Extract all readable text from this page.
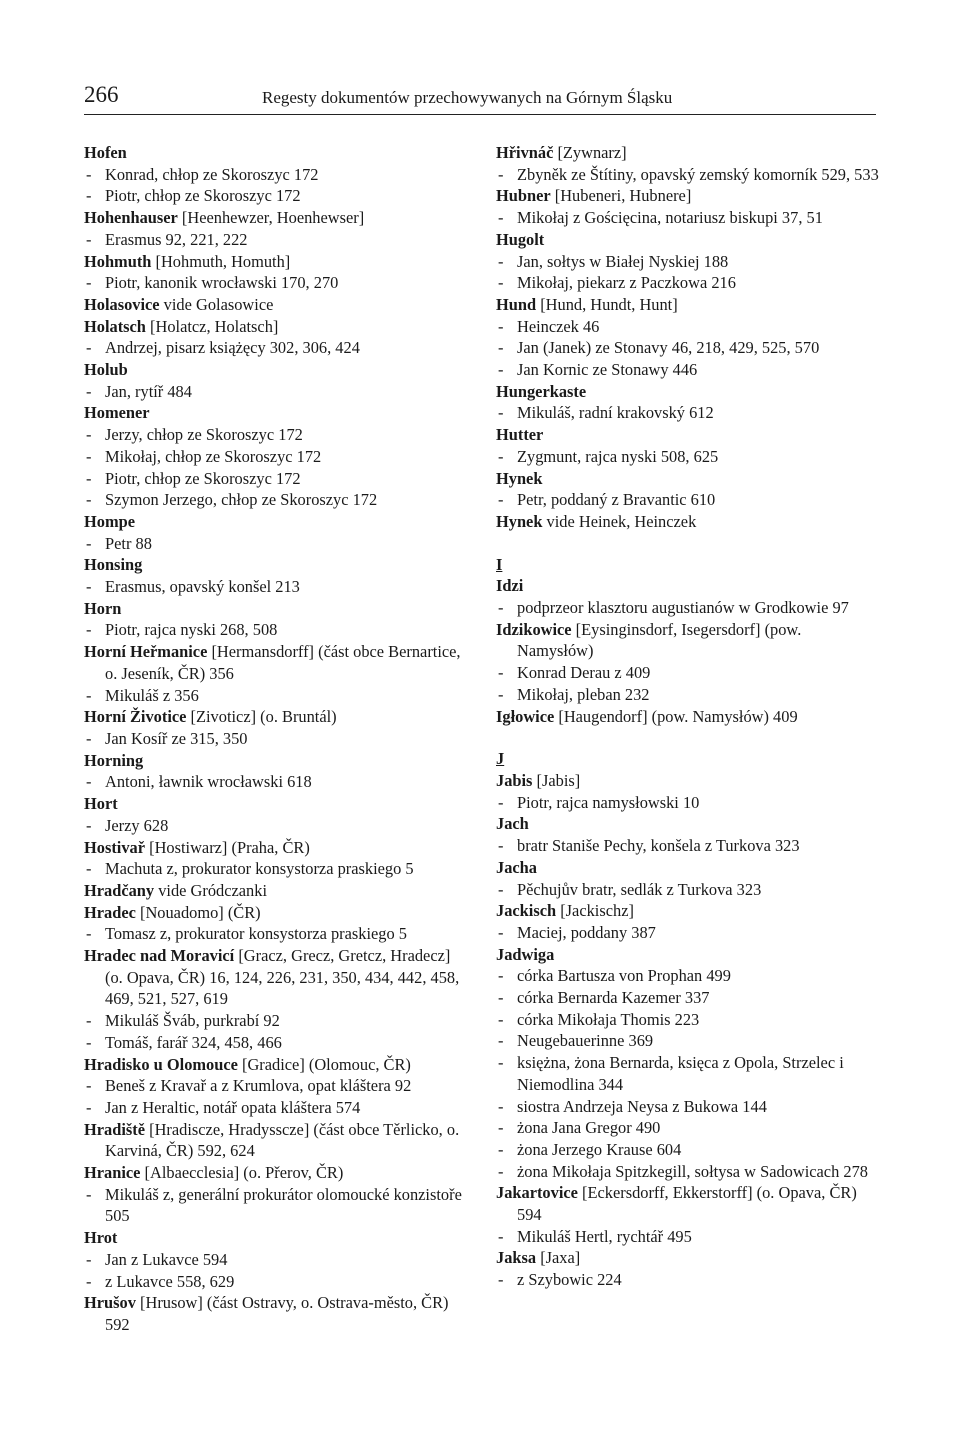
266	Regesty dokumentów przechowywanych na Górnym Śląsku

Hofen

- Konrad, chłop ze Skoroszyc 172

- Piotr, chłop ze Skoroszyc 172

Hohenhauser [Heenhewzer, Hoenhewser]

- Erasmus 92, 221, 222

Hohmuth [Hohmuth, Homuth]

- Piotr, kanonik wrocławski 170, 270

Holasovice vide Golasowice

Holatsch [Holatcz, Holatsch]

- Andrzej, pisarz książęcy 302, 306, 424

Holub

- Jan, rytíř 484

Homener

- Jerzy, chłop ze Skoroszyc 172

- Mikołaj, chłop ze Skoroszyc 172

- Piotr, chłop ze Skoroszyc 172

- Szymon Jerzego, chłop ze Skoroszyc 172

Hompe

- Petr 88

Honsing

- Erasmus, opavský konšel 213

Horn

- Piotr, rajca nyski 268, 508

Horní Heřmanice [Hermansdorff] (část obce Bernartice, o. Jeseník, ČR) 356

- Mikuláš z 356

Horní Životice [Zivoticz] (o. Bruntál)

- Jan Kosíř ze 315, 350

Horning

- Antoni, ławnik wrocławski 618

Hort

- Jerzy 628

Hostivař [Hostiwarz] (Praha, ČR)

- Machuta z, prokurator konsystorza praskiego 5

Hradčany vide Gródczanki

Hradec [Nouadomo] (ČR)

- Tomasz z, prokurator konsystorza praskiego 5

Hradec nad Moravicí [Gracz, Grecz, Gretcz, Hradecz] (o. Opava, ČR) 16, 124, 226, 231, 350, 434, 442, 458, 469, 521, 527, 619

- Mikuláš Šváb, purkrabí 92

- Tomáš, farář 324, 458, 466

Hradisko u Olomouce [Gradice] (Olomouc, ČR)

- Beneš z Kravař a z Krumlova, opat kláštera 92

- Jan z Heraltic, notář opata kláštera 574

Hradiště [Hradiscze, Hradysscze] (část obce Těrlicko, o. Karviná, ČR) 592, 624

Hranice [Albaecclesia] (o. Přerov, ČR)

- Mikuláš z, generální prokurátor olomoucké konzistoře 505

Hrot

- Jan z Lukavce 594

- z Lukavce 558, 629

Hrušov [Hrusow] (část Ostravy, o. Ostrava-město, ČR) 592

Hřivnáč [Zywnarz]

- Zbyněk ze Štítiny, opavský zemský komorník 529, 533

Hubner [Hubeneri, Hubnere]

- Mikołaj z Gościęcina, notariusz biskupi 37, 51

Hugolt

- Jan, sołtys w Białej Nyskiej 188

- Mikołaj, piekarz z Paczkowa 216

Hund [Hund, Hundt, Hunt]

- Heinczek 46

- Jan (Janek) ze Stonavy 46, 218, 429, 525, 570

- Jan Kornic ze Stonawy 446

Hungerkaste

- Mikuláš, radní krakovský 612

Hutter

- Zygmunt, rajca nyski 508, 625

Hynek

- Petr, poddaný z Bravantic 610

Hynek vide Heinek, Heinczek

I

Idzi

- podprzeor klasztoru augustianów w Grodkowie 97

Idzikowice [Eysinginsdorf, Isegersdorf] (pow. Namysłów)

- Konrad Derau z 409

- Mikołaj, pleban 232

Igłowice [Haugendorf] (pow. Namysłów) 409

J

Jabis [Jabis]

- Piotr, rajca namysłowski 10

Jach

- bratr Staniše Pechy, konšela z Turkova 323

Jacha

- Pěchujův bratr, sedlák z Turkova 323

Jackisch [Jackischz]

- Maciej, poddany 387

Jadwiga

- córka Bartusza von Prophan 499

- córka Bernarda Kazemer 337

- córka Mikołaja Thomis 223

- Neugebauerinne 369

- księżna, żona Bernarda, księca z Opola, Strzelec i Niemodlina 344

- siostra Andrzeja Neysa z Bukowa 144

- żona Jana Gregor 490

- żona Jerzego Krause 604

- żona Mikołaja Spitzkegill, sołtysa w Sadowicach 278

Jakartovice [Eckersdorff, Ekkerstorff] (o. Opava, ČR) 594

- Mikuláš Hertl, rychtář 495

Jaksa [Jaxa]

- z Szybowic 224
